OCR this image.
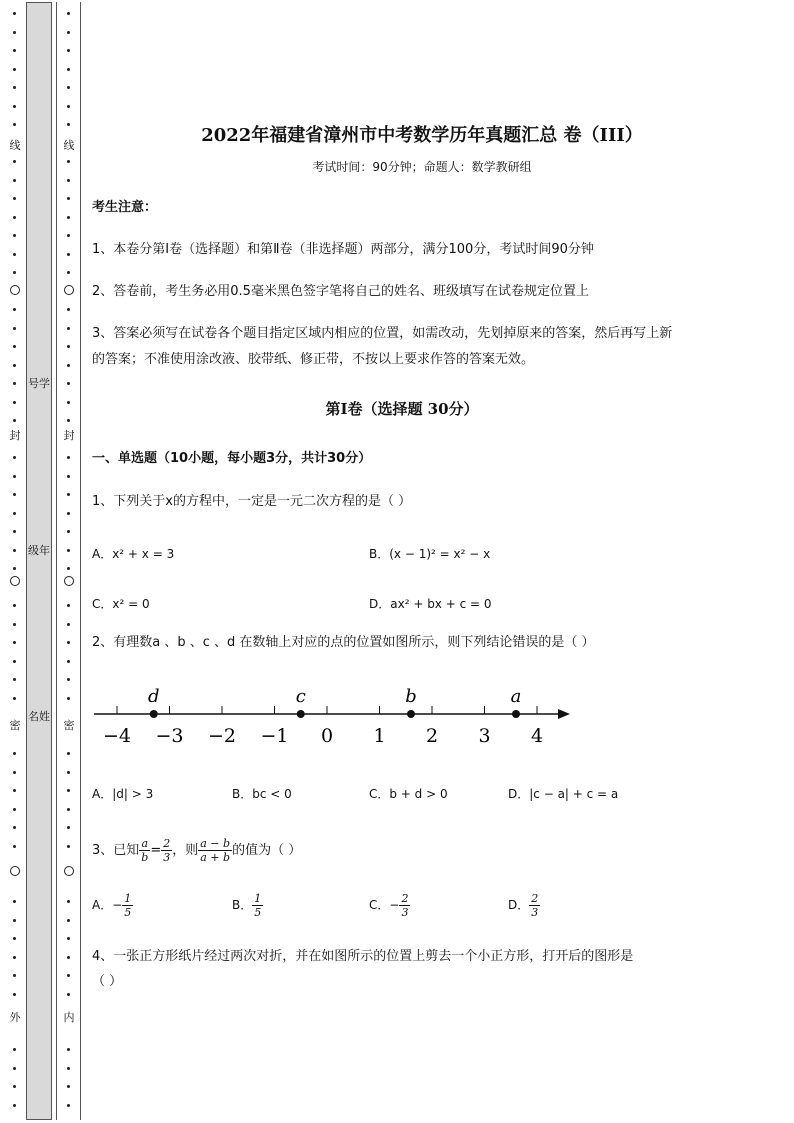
线
封
密
外
号学
级年
名姓
线
封
密
内
2022年福建省漳州市中考数学历年真题汇总 卷（III）
考试时间：90分钟；命题人：数学教研组
考生注意：
1、本卷分第I卷（选择题）和第Ⅱ卷（非选择题）两部分，满分100分，考试时间90分钟
2、答卷前，考生务必用0.5毫米黑色签字笔将自己的姓名、班级填写在试卷规定位置上
3、答案必须写在试卷各个题目指定区域内相应的位置，如需改动，先划掉原来的答案，然后再写上新
的答案；不准使用涂改液、胶带纸、修正带，不按以上要求作答的答案无效。
第I卷（选择题 30分）
一、单选题（10小题，每小题3分，共计30分）
1、下列关于x的方程中，一定是一元二次方程的是（ ）
A．x² + x = 3	B．(x − 1)² = x² − x
C．x² = 0	D．ax² + bx + c = 0
2、有理数a 、b 、c 、d 在数轴上对应的点的位置如图所示，则下列结论错误的是（ ）
−4 −3 −2 −1 0 1 2 3 4
d	c	b	a
A．|d| > 3	B．bc < 0	C．b + d > 0	D．|c − a| + c = a
3、已知 $\frac{a}{b} = \frac{2}{3}$ ，则 $\frac{a - b}{a + b}$ 的值为（ ）
A．− $\frac{1}{5}$	B． $\frac{1}{5}$	C．− $\frac{2}{3}$	D． $\frac{2}{3}$
4、一张正方形纸片经过两次对折，并在如图所示的位置上剪去一个小正方形，打开后的图形是
（ ）
